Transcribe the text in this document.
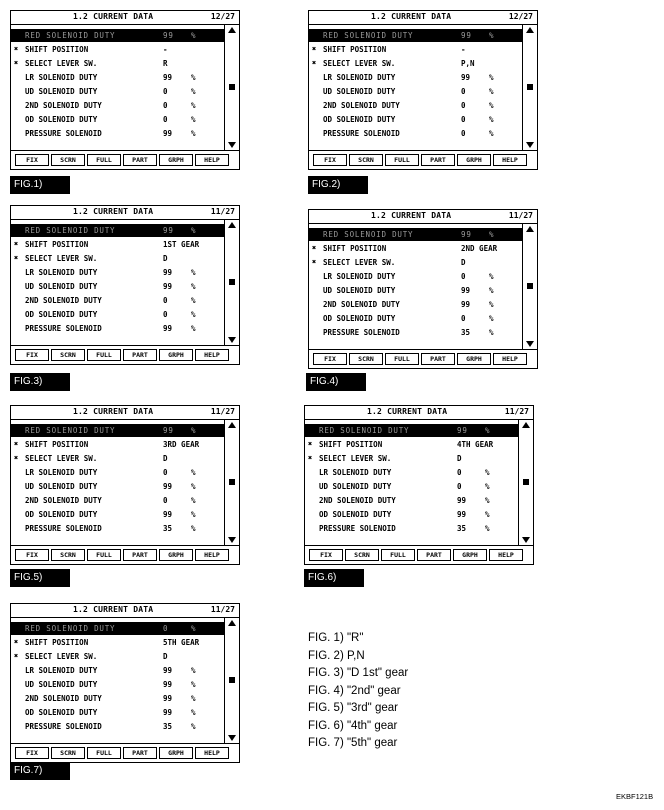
1.2 CURRENT DATA	12/27
✖ RED SOLENOID DUTY	99 %
✖ SHIFT POSITION	-
✖ SELECT LEVER SW.	R
LR SOLENOID DUTY	99	%
UD SOLENOID DUTY	0	%
2ND SOLENOID DUTY	0	%
OD SOLENOID DUTY	0	%
PRESSURE SOLENOID	99	%
FIX	SCRN	FULL	PART	GRPH	HELP
FIG.1)
1.2 CURRENT DATA	12/27
✖ RED SOLENOID DUTY	99 %
✖ SHIFT POSITION	-
✖ SELECT LEVER SW.	P,N
LR SOLENOID DUTY	99	%
UD SOLENOID DUTY	0	%
2ND SOLENOID DUTY	0	%
OD SOLENOID DUTY	0	%
PRESSURE SOLENOID	0	%
FIX	SCRN	FULL	PART	GRPH	HELP
FIG.2)
1.2 CURRENT DATA	11/27
✖ RED SOLENOID DUTY	99 %
✖ SHIFT POSITION	1ST GEAR
✖ SELECT LEVER SW.	D
LR SOLENOID DUTY	99	%
UD SOLENOID DUTY	99	%
2ND SOLENOID DUTY	0	%
OD SOLENOID DUTY	0	%
PRESSURE SOLENOID	99	%
FIX	SCRN	FULL	PART	GRPH	HELP
FIG.3)
1.2 CURRENT DATA	11/27
✖ RED SOLENOID DUTY	99 %
✖ SHIFT POSITION	2ND GEAR
✖ SELECT LEVER SW.	D
LR SOLENOID DUTY	0	%
UD SOLENOID DUTY	99	%
2ND SOLENOID DUTY	99	%
OD SOLENOID DUTY	0	%
PRESSURE SOLENOID	35	%
FIX	SCRN	FULL	PART	GRPH	HELP
FIG.4)
1.2 CURRENT DATA	11/27
✖ RED SOLENOID DUTY	99 %
✖ SHIFT POSITION	3RD GEAR
✖ SELECT LEVER SW.	D
LR SOLENOID DUTY	0	%
UD SOLENOID DUTY	99	%
2ND SOLENOID DUTY	0	%
OD SOLENOID DUTY	99	%
PRESSURE SOLENOID	35	%
FIX	SCRN	FULL	PART	GRPH	HELP
FIG.5)
1.2 CURRENT DATA	11/27
✖ RED SOLENOID DUTY	99 %
✖ SHIFT POSITION	4TH GEAR
✖ SELECT LEVER SW.	D
LR SOLENOID DUTY	0	%
UD SOLENOID DUTY	0	%
2ND SOLENOID DUTY	99	%
OD SOLENOID DUTY	99	%
PRESSURE SOLENOID	35	%
FIX	SCRN	FULL	PART	GRPH	HELP
FIG.6)
1.2 CURRENT DATA	11/27
✖ RED SOLENOID DUTY	0	%
✖ SHIFT POSITION	5TH GEAR
✖ SELECT LEVER SW.	D
LR SOLENOID DUTY	99	%
UD SOLENOID DUTY	99	%
2ND SOLENOID DUTY	99	%
OD SOLENOID DUTY	99	%
PRESSURE SOLENOID	35	%
FIX	SCRN	FULL	PART	GRPH	HELP
FIG.7)
FIG. 1) "R"
FIG. 2) P,N
FIG. 3) "D 1st" gear
FIG. 4) "2nd" gear
FIG. 5) "3rd" gear
FIG. 6) "4th" gear
FIG. 7) "5th" gear
EKBF121B
